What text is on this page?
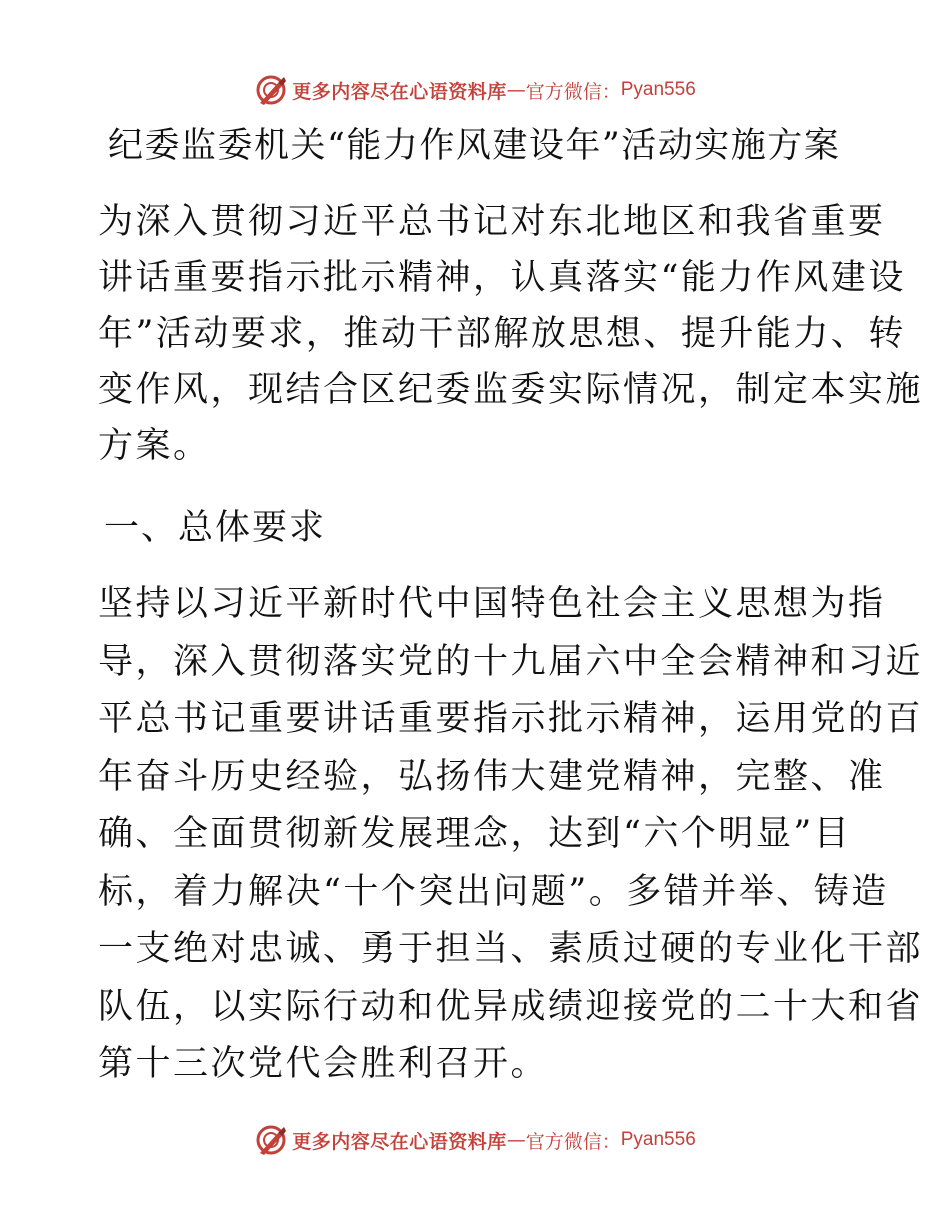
更多内容尽在心语资料库 — 官方微信： Pyan556
纪委监委机关“能力作风建设年”活动实施方案
为深入贯彻习近平总书记对东北地区和我省重要
讲话重要指示批示精神，认真落实“能力作风建设
年”活动要求，推动干部解放思想、提升能力、转
变作风，现结合区纪委监委实际情况，制定本实施
方案。
一、总体要求
坚持以习近平新时代中国特色社会主义思想为指
导，深入贯彻落实党的十九届六中全会精神和习近
平总书记重要讲话重要指示批示精神，运用党的百
年奋斗历史经验，弘扬伟大建党精神，完整、准
确、全面贯彻新发展理念，达到“六个明显”目
标，着力解决“十个突出问题”。多错并举、铸造
一支绝对忠诚、勇于担当、素质过硬的专业化干部
队伍，以实际行动和优异成绩迎接党的二十大和省
第十三次党代会胜利召开。
更多内容尽在心语资料库 — 官方微信： Pyan556
